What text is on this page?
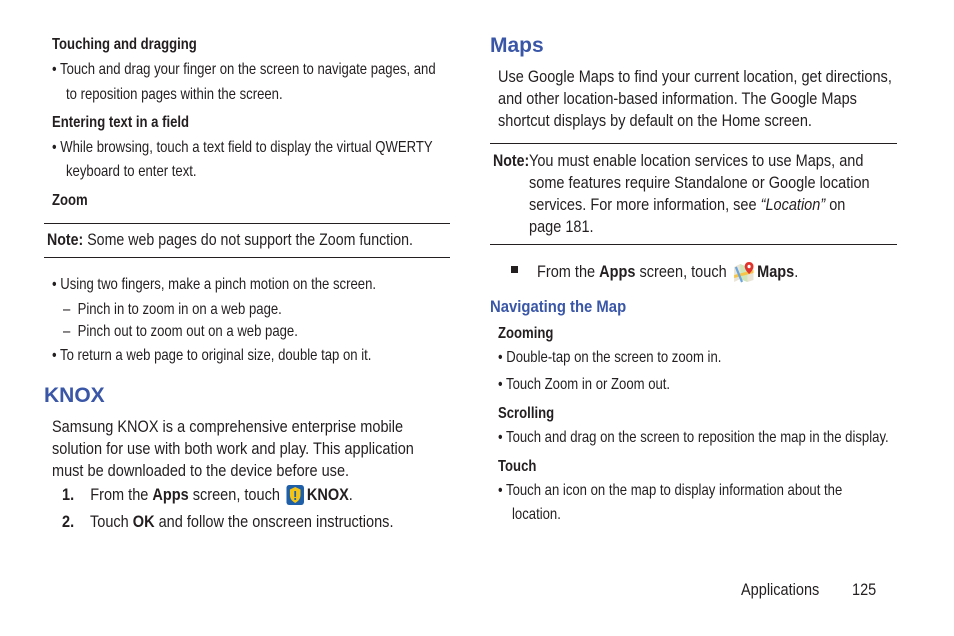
Touching and dragging
• Touch and drag your finger on the screen to navigate pages, and
to reposition pages within the screen.
Entering text in a field
• While browsing, touch a text field to display the virtual QWERTY
keyboard to enter text.
Zoom
Note: Some web pages do not support the Zoom function.
• Using two fingers, make a pinch motion on the screen.
–  Pinch in to zoom in on a web page.
–  Pinch out to zoom out on a web page.
• To return a web page to original size, double tap on it.
KNOX
Samsung KNOX is a comprehensive enterprise mobile
solution for use with both work and play. This application
must be downloaded to the device before use.
1. From the Apps screen, touch KNOX.
2. Touch OK and follow the onscreen instructions.
Maps
Use Google Maps to find your current location, get directions,
and other location-based information. The Google Maps
shortcut displays by default on the Home screen.
Note: You must enable location services to use Maps, and
some features require Standalone or Google location
services. For more information, see “Location” on
page 181.
From the Apps screen, touch Maps.
Navigating the Map
Zooming
• Double-tap on the screen to zoom in.
• Touch Zoom in or Zoom out.
Scrolling
• Touch and drag on the screen to reposition the map in the display.
Touch
• Touch an icon on the map to display information about the
location.
Applications	125
